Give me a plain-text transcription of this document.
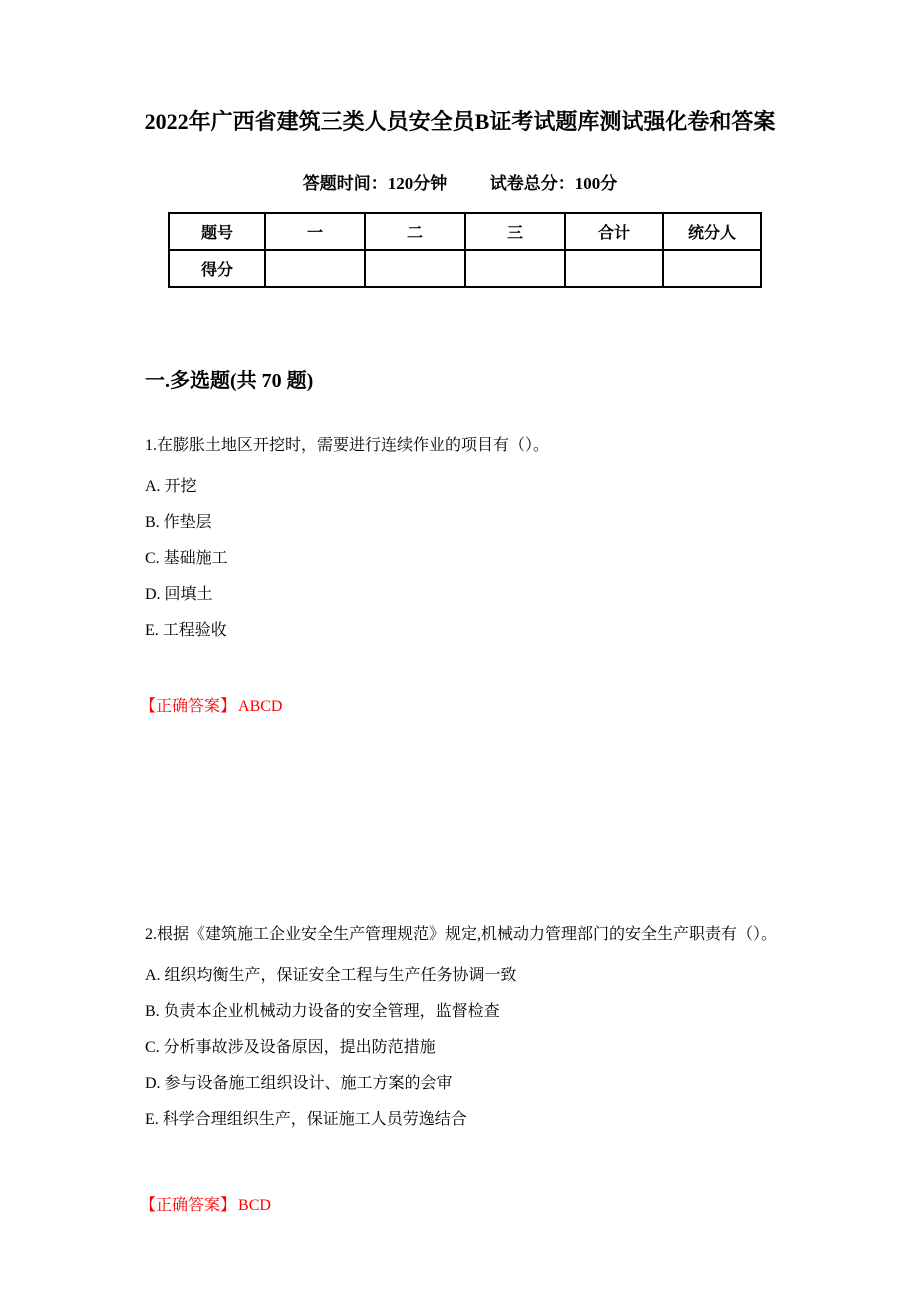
2022年广西省建筑三类人员安全员B证考试题库测试强化卷和答案
答题时间：120分钟	试卷总分：100分
题号	一	二	三	合计	统分人
得分					
一.多选题(共 70 题)

1.在膨胀土地区开挖时，需要进行连续作业的项目有（）。

A. 开挖

B. 作垫层

C. 基础施工

D. 回填土

E. 工程验收

【正确答案】 ABCD

2.根据《建筑施工企业安全生产管理规范》规定,机械动力管理部门的安全生产职责有（）。

A. 组织均衡生产，保证安全工程与生产任务协调一致

B. 负责本企业机械动力设备的安全管理，监督检查

C. 分析事故涉及设备原因，提出防范措施

D. 参与设备施工组织设计、施工方案的会审

E. 科学合理组织生产，保证施工人员劳逸结合

【正确答案】 BCD
